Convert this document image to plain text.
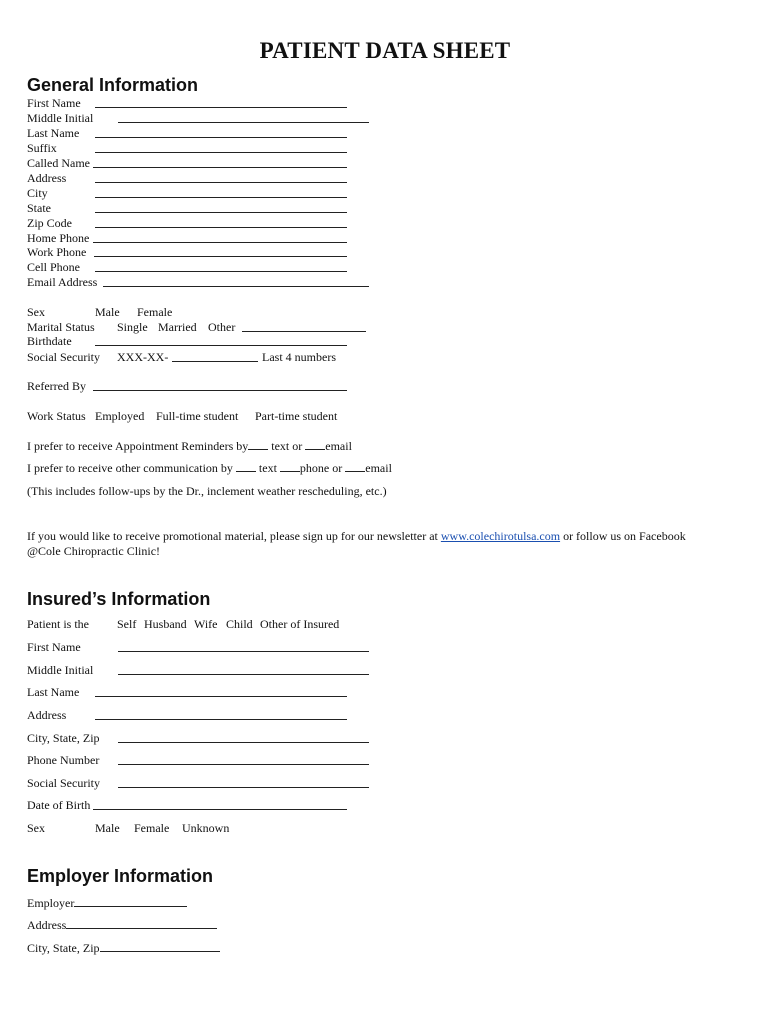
PATIENT DATA SHEET
General Information
First Name
Middle Initial
Last Name
Suffix
Called Name
Address
City
State
Zip Code
Home Phone
Work Phone
Cell Phone
Email Address
Sex	Male Female
Marital Status Single Married Other
Birthdate
Social Security XXX-XX-	Last 4 numbers
Referred By
Work Status Employed Full-time student Part-time student
I prefer to receive Appointment Reminders by text or email
I prefer to receive other communication by text phone or email
(This includes follow-ups by the Dr., inclement weather rescheduling, etc.)
If you would like to receive promotional material, please sign up for our newsletter at www.colechirotulsa.com or follow us on Facebook
@Cole Chiropractic Clinic!
Insured’s Information
Patient is the Self Husband Wife Child Other of Insured
First Name
Middle Initial
Last Name
Address
City, State, Zip
Phone Number
Social Security
Date of Birth
Sex	Male Female Unknown
Employer Information
Employer
Address
City, State, Zip
